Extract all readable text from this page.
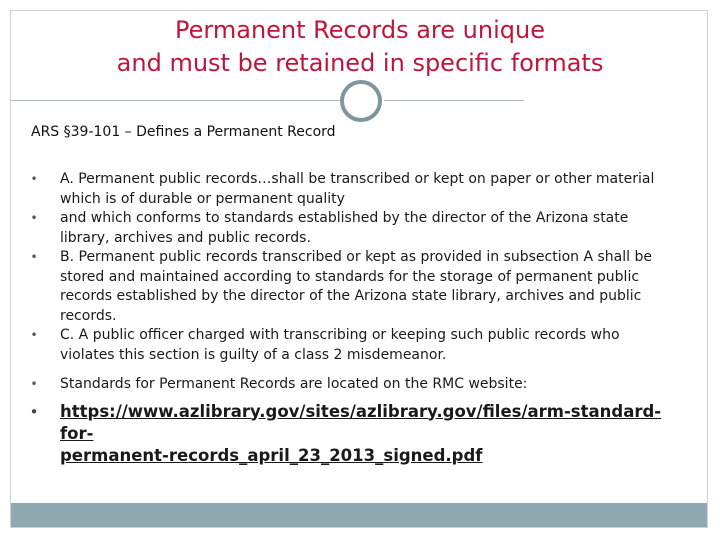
Permanent Records are unique
and must be retained in specific formats
ARS §39-101 – Defines a Permanent Record
• A. Permanent public records…shall be transcribed or kept on paper or other material
which is of durable or permanent quality
• and which conforms to standards established by the director of the Arizona state
library, archives and public records.
• B. Permanent public records transcribed or kept as provided in subsection A shall be
stored and maintained according to standards for the storage of permanent public
records established by the director of the Arizona state library, archives and public
records.
• C. A public officer charged with transcribing or keeping such public records who
violates this section is guilty of a class 2 misdemeanor.
• Standards for Permanent Records are located on the RMC website:
• https://www.azlibrary.gov/sites/azlibrary.gov/files/arm-standard-for-
permanent-records_april_23_2013_signed.pdf
